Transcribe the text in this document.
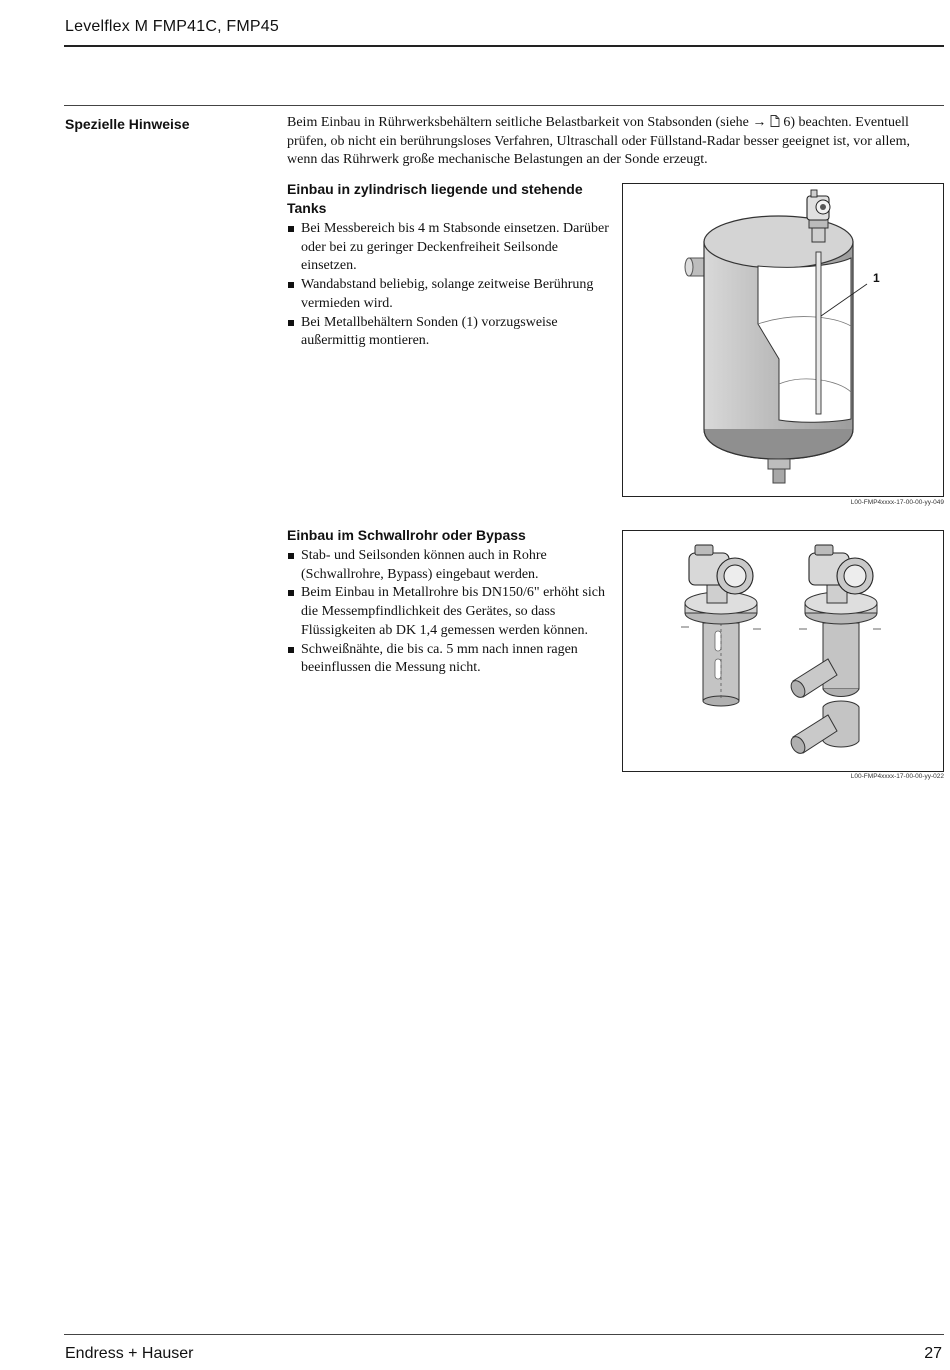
Levelflex M FMP41C, FMP45
Spezielle Hinweise	Beim Einbau in Rührwerksbehältern seitliche Belastbarkeit von Stabsonden (siehe → 6) beachten. Eventuell prüfen, ob nicht ein berührungsloses Verfahren, Ultraschall oder Füllstand-Radar besser geeignet ist, vor allem, wenn das Rührwerk große mechanische Belastungen an der Sonde erzeugt.
Einbau in zylindrisch liegende und stehende Tanks
Bei Messbereich bis 4 m Stabsonde einsetzen. Darüber oder bei zu geringer Deckenfreiheit Seilsonde einsetzen.
Wandabstand beliebig, solange zeitweise Berührung vermieden wird.
Bei Metallbehältern Sonden (1) vorzugsweise außermittig montieren.
1
L00-FMP4xxxx-17-00-00-yy-049
Einbau im Schwallrohr oder Bypass
Stab- und Seilsonden können auch in Rohre (Schwallrohre, Bypass) eingebaut werden.
Beim Einbau in Metallrohre bis DN150/6" erhöht sich die Messempfindlichkeit des Gerätes, so dass Flüssigkeiten ab DK 1,4 gemessen werden können.
Schweißnähte, die bis ca. 5 mm nach innen ragen beeinflussen die Messung nicht.
L00-FMP4xxxx-17-00-00-yy-022
Endress + Hauser	27
